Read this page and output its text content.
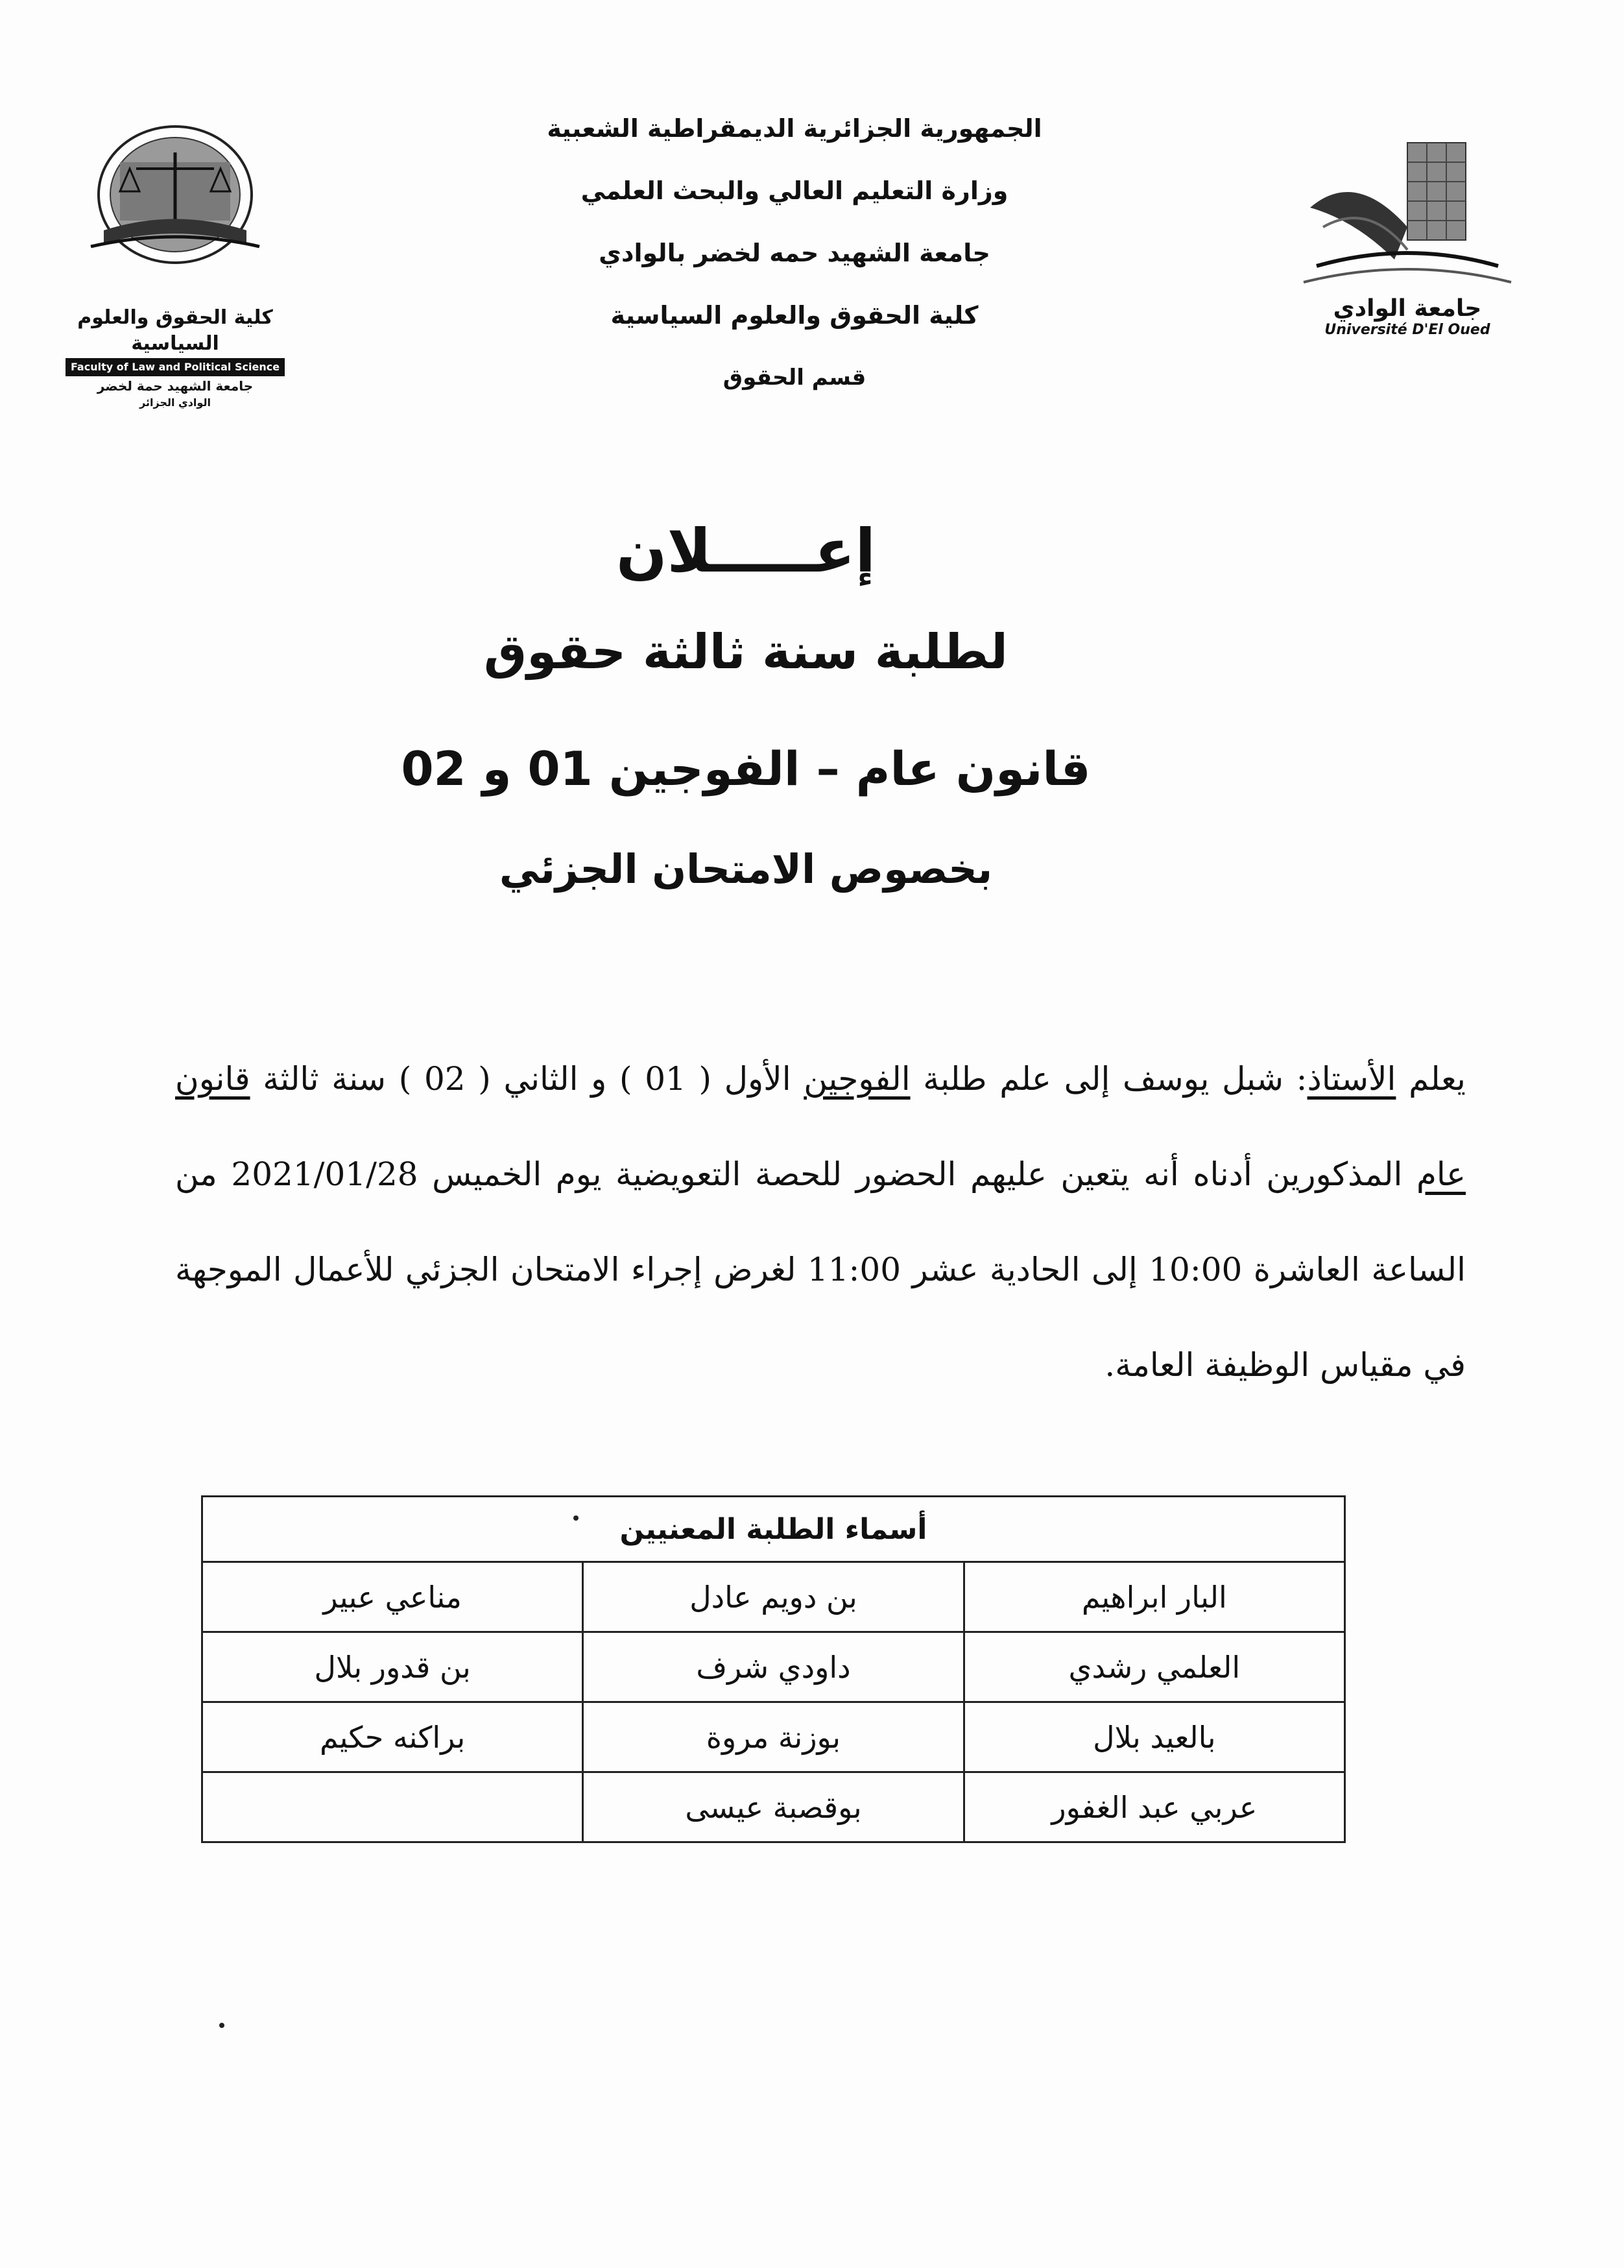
كلية الحقوق والعلوم السياسية
Faculty of Law and Political Science
جامعة الشهيد حمة لخضر
الوادي الجزائر
جامعة الوادي
Université D'El Oued
الجمهورية الجزائرية الديمقراطية الشعبية
وزارة التعليم العالي والبحث العلمي
جامعة الشهيد حمه لخضر بالوادي
كلية الحقوق والعلوم السياسية
قسم الحقوق
إعـــــلان
لطلبة سنة ثالثة حقوق
قانون عام – الفوجين 01 و 02
بخصوص الامتحان الجزئي
يعلم الأستاذ: شبل يوسف إلى علم طلبة الفوجين الأول ( 01 ) و الثاني ( 02 ) سنة ثالثة قانون عام المذكورين أدناه أنه يتعين عليهم الحضور للحصة التعويضية يوم الخميس 2021/01/28 من الساعة العاشرة 10:00 إلى الحادية عشر 11:00 لغرض إجراء الامتحان الجزئي للأعمال الموجهة في مقياس الوظيفة العامة.
أسماء الطلبة المعنيين		
البار ابراهيم	بن دويم عادل	مناعي عبير
العلمي رشدي	داودي شرف	بن قدور بلال
بالعيد بلال	بوزنة مروة	براكنه حكيم
عربي عبد الغفور	بوقصبة عيسى	
